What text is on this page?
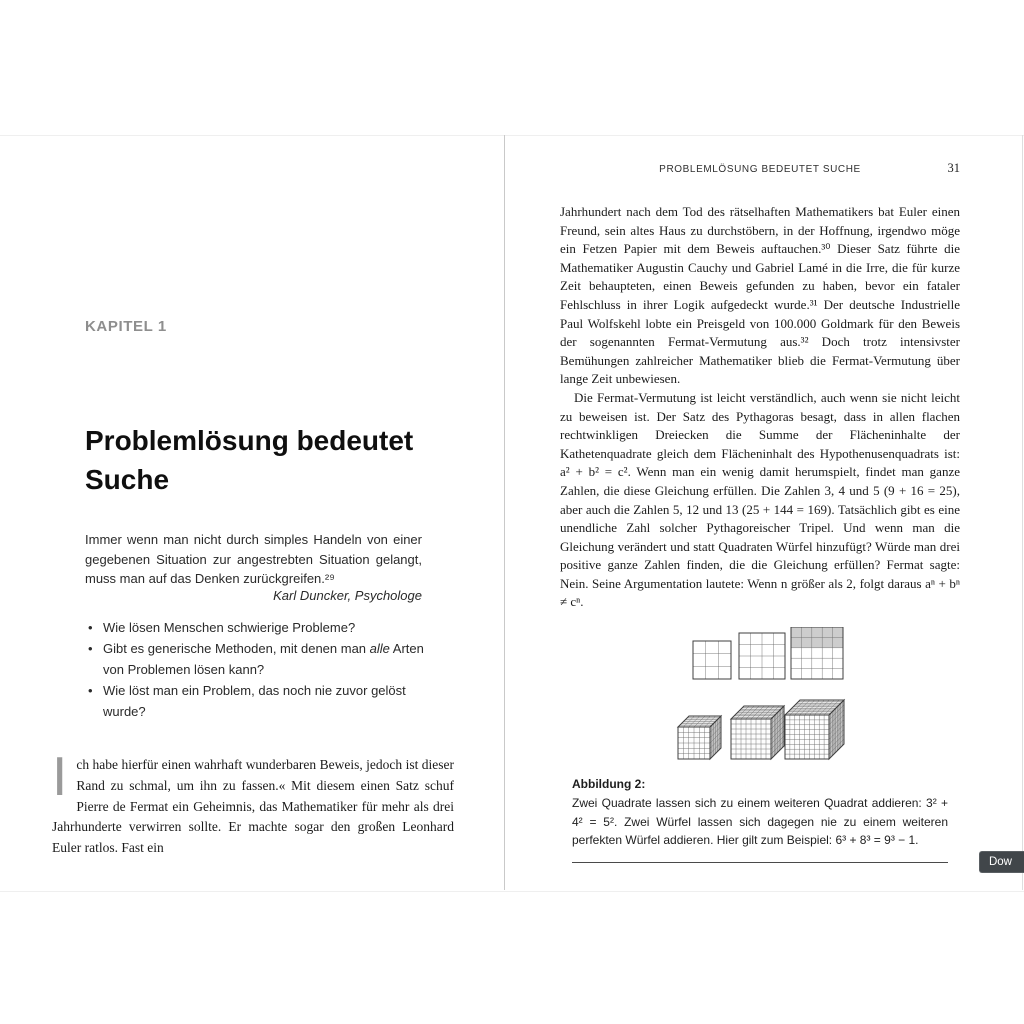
KAPITEL 1
Problemlösung bedeutet Suche
Immer wenn man nicht durch simples Handeln von einer gegebenen Situation zur angestrebten Situation gelangt, muss man auf das Denken zurückgreifen.²⁹
Karl Duncker, Psychologe
• Wie lösen Menschen schwierige Probleme?
• Gibt es generische Methoden, mit denen man alle Arten von Problemen lösen kann?
• Wie löst man ein Problem, das noch nie zuvor gelöst wurde?
Ich habe hierfür einen wahrhaft wunderbaren Beweis, jedoch ist dieser Rand zu schmal, um ihn zu fassen.« Mit diesem einen Satz schuf Pierre de Fermat ein Geheimnis, das Mathematiker für mehr als drei Jahrhunderte verwirren sollte. Er machte sogar den großen Leonhard Euler ratlos. Fast ein
PROBLEMLÖSUNG BEDEUTET SUCHE	31

Jahrhundert nach dem Tod des rätselhaften Mathematikers bat Euler einen Freund, sein altes Haus zu durchstöbern, in der Hoffnung, irgendwo möge ein Fetzen Papier mit dem Beweis auftauchen.³⁰ Dieser Satz führte die Mathematiker Augustin Cauchy und Gabriel Lamé in die Irre, die für kurze Zeit behaupteten, einen Beweis gefunden zu haben, bevor ein fataler Fehlschluss in ihrer Logik aufgedeckt wurde.³¹ Der deutsche Industrielle Paul Wolfskehl lobte ein Preisgeld von 100.000 Goldmark für den Beweis der sogenannten Fermat-Vermutung aus.³² Doch trotz intensivster Bemühungen zahlreicher Mathematiker blieb die Fermat-Vermutung über lange Zeit unbewiesen.

Die Fermat-Vermutung ist leicht verständlich, auch wenn sie nicht leicht zu beweisen ist. Der Satz des Pythagoras besagt, dass in allen flachen rechtwinkligen Dreiecken die Summe der Flächeninhalte der Kathetenquadrate gleich dem Flächeninhalt des Hypothenusenquadrats ist: a² + b² = c². Wenn man ein wenig damit herumspielt, findet man ganze Zahlen, die diese Gleichung erfüllen. Die Zahlen 3, 4 und 5 (9 + 16 = 25), aber auch die Zahlen 5, 12 und 13 (25 + 144 = 169). Tatsächlich gibt es eine unendliche Zahl solcher Pythagoreischer Tripel. Und wenn man die Gleichung verändert und statt Quadraten Würfel hinzufügt? Würde man drei positive ganze Zahlen finden, die die Gleichung erfüllen? Fermat sagte: Nein. Seine Argumentation lautete: Wenn n größer als 2, folgt daraus aⁿ + bⁿ ≠ cⁿ.

Abbildung 2:
Zwei Quadrate lassen sich zu einem weiteren Quadrat addieren: 3² + 4² = 5². Zwei Würfel lassen sich dagegen nie zu einem weiteren perfekten Würfel addieren. Hier gilt zum Beispiel: 6³ + 8³ = 9³ − 1.
Dow
